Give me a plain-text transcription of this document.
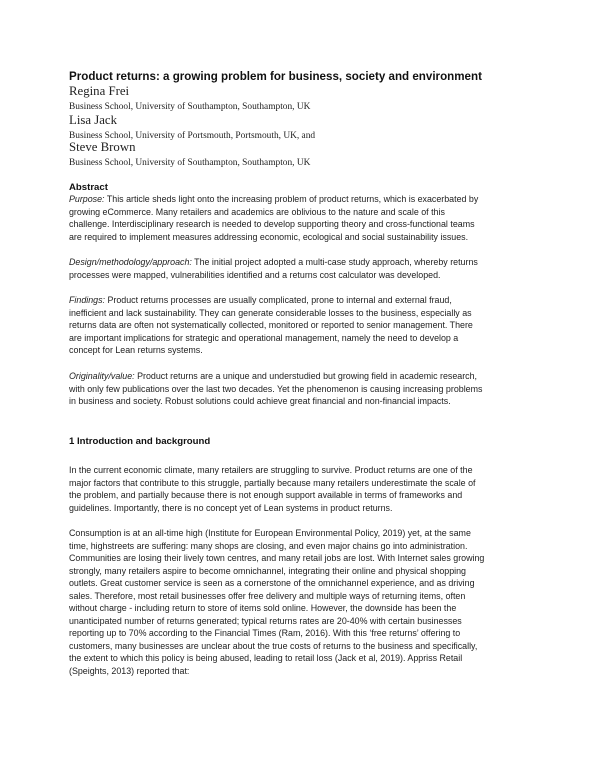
Product returns: a growing problem for business, society and environment
Regina Frei
Business School, University of Southampton, Southampton, UK
Lisa Jack
Business School, University of Portsmouth, Portsmouth, UK, and
Steve Brown
Business School, University of Southampton, Southampton, UK
Abstract
Purpose: This article sheds light onto the increasing problem of product returns, which is exacerbated by
growing eCommerce. Many retailers and academics are oblivious to the nature and scale of this
challenge. Interdisciplinary research is needed to develop supporting theory and cross-functional teams
are required to implement measures addressing economic, ecological and social sustainability issues.
Design/methodology/approach: The initial project adopted a multi-case study approach, whereby returns
processes were mapped, vulnerabilities identified and a returns cost calculator was developed.
Findings: Product returns processes are usually complicated, prone to internal and external fraud,
inefficient and lack sustainability. They can generate considerable losses to the business, especially as
returns data are often not systematically collected, monitored or reported to senior management. There
are important implications for strategic and operational management, namely the need to develop a
concept for Lean returns systems.
Originality/value: Product returns are a unique and understudied but growing field in academic research,
with only few publications over the last two decades. Yet the phenomenon is causing increasing problems
in business and society. Robust solutions could achieve great financial and non-financial impacts.
1 Introduction and background
In the current economic climate, many retailers are struggling to survive. Product returns are one of the
major factors that contribute to this struggle, partially because many retailers underestimate the scale of
the problem, and partially because there is not enough support available in terms of frameworks and
guidelines. Importantly, there is no concept yet of Lean systems in product returns.
Consumption is at an all-time high (Institute for European Environmental Policy, 2019) yet, at the same
time, highstreets are suffering: many shops are closing, and even major chains go into administration.
Communities are losing their lively town centres, and many retail jobs are lost. With Internet sales growing
strongly, many retailers aspire to become omnichannel, integrating their online and physical shopping
outlets. Great customer service is seen as a cornerstone of the omnichannel experience, and as driving
sales. Therefore, most retail businesses offer free delivery and multiple ways of returning items, often
without charge - including return to store of items sold online. However, the downside has been the
unanticipated number of returns generated; typical returns rates are 20-40% with certain businesses
reporting up to 70% according to the Financial Times (Ram, 2016). With this ‘free returns’ offering to
customers, many businesses are unclear about the true costs of returns to the business and specifically,
the extent to which this policy is being abused, leading to retail loss (Jack et al, 2019). Appriss Retail
(Speights, 2013) reported that:
